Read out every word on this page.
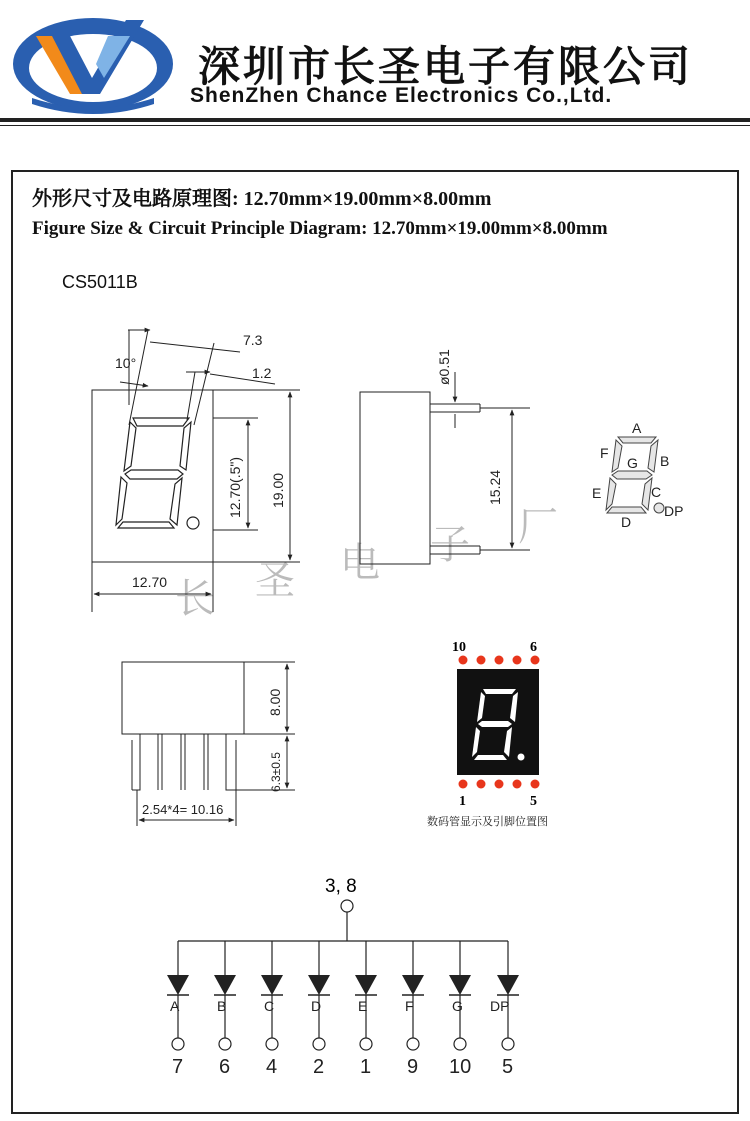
深圳市长圣电子有限公司
ShenZhen Chance Electronics Co.,Ltd.
外形尺寸及电路原理图: 12.70mm×19.00mm×8.00mm
Figure Size & Circuit Principle Diagram: 12.70mm×19.00mm×8.00mm
CS5011B
长 圣 电 子 厂
10°
7.3
1.2
12.70(.5") 19.00
12.70
ø0.51
15.24
A
B
C
D
E
F
G
DP
8.00
6.3±0.5
2.54*4= 10.16
10	6
1	5
3, 8
A
7
B
6
C
4
D
2
E
1
F
9
G
10
DP
5
数码管显示及引脚位置图
